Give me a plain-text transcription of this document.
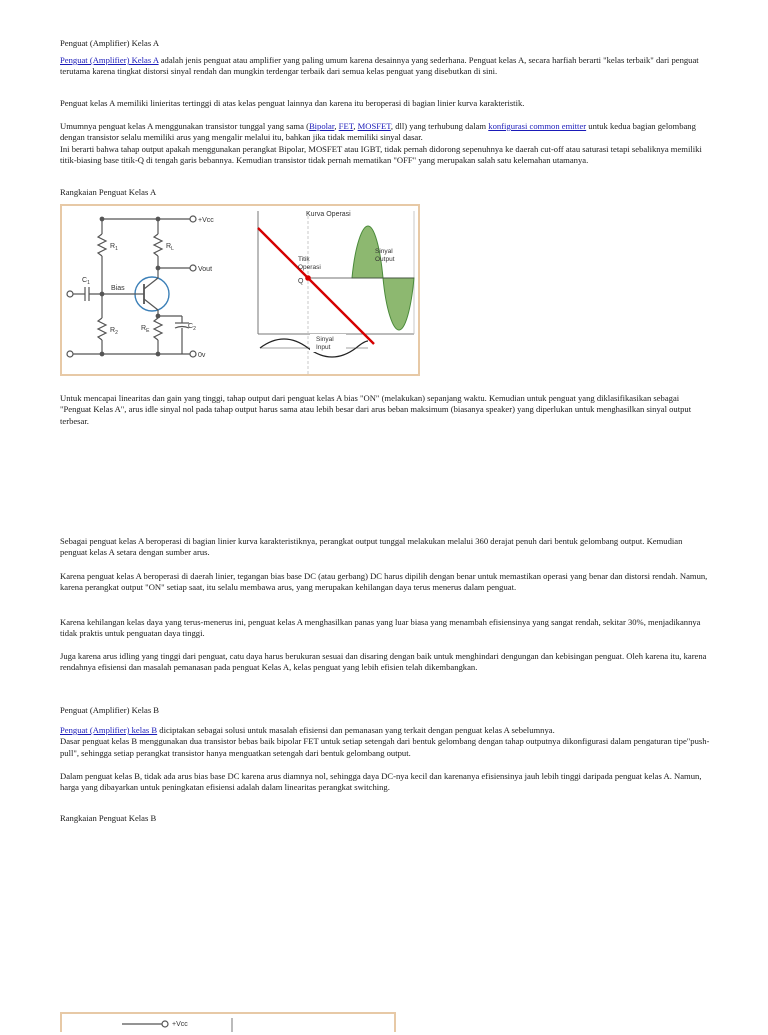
Penguat (Amplifier) Kelas A

Penguat (Amplifier) Kelas A adalah jenis penguat atau amplifier yang paling umum karena desainnya yang sederhana. Penguat kelas A, secara harfiah berarti "kelas terbaik" dari penguat terutama karena tingkat distorsi sinyal rendah dan mungkin terdengar terbaik dari semua kelas penguat yang disebutkan di sini.

Penguat kelas A memiliki linieritas tertinggi di atas kelas penguat lainnya dan karena itu beroperasi di bagian linier kurva karakteristik.

Umumnya penguat kelas A menggunakan transistor tunggal yang sama (Bipolar, FET, MOSFET, dll) yang terhubung dalam konfigurasi common emitter untuk kedua bagian gelombang dengan transistor selalu memiliki arus yang mengalir melalui itu, bahkan jika tidak memiliki sinyal dasar.

Ini berarti bahwa tahap output apakah menggunakan perangkat Bipolar, MOSFET atau IGBT, tidak pernah didorong sepenuhnya ke daerah cut-off atau saturasi tetapi sebaliknya memiliki titik-biasing base titik-Q di tengah garis bebannya. Kemudian transistor tidak pernah mematikan "OFF" yang merupakan salah satu kelemahan utamanya.

Rangkaian Penguat Kelas A

+Vcc
Vout
0v
$R_1$
$R_2$
$R_L$
$R_E$
$C_1$
$C_2$
Bias
Kurva Operasi
Titik
Operasi
Q
Sinyal
Output
Sinyal
Input

Untuk mencapai linearitas dan gain yang tinggi, tahap output dari penguat kelas A bias "ON" (melakukan) sepanjang waktu. Kemudian untuk penguat yang diklasifikasikan sebagai "Penguat Kelas A", arus idle sinyal nol pada tahap output harus sama atau lebih besar dari arus beban maksimum (biasanya speaker) yang diperlukan untuk menghasilkan sinyal output terbesar.

Sebagai penguat kelas A beroperasi di bagian linier kurva karakteristiknya, perangkat output tunggal melakukan melalui 360 derajat penuh dari bentuk gelombang output. Kemudian penguat kelas A setara dengan sumber arus.

Karena penguat kelas A beroperasi di daerah linier, tegangan bias base DC (atau gerbang) DC harus dipilih dengan benar untuk memastikan operasi yang benar dan distorsi rendah. Namun, karena perangkat output "ON" setiap saat, itu selalu membawa arus, yang merupakan kehilangan daya terus menerus dalam penguat.

Karena kehilangan kelas daya yang terus-menerus ini, penguat kelas A menghasilkan panas yang luar biasa yang menambah efisiensinya yang sangat rendah, sekitar 30%, menjadikannya tidak praktis untuk penguatan daya tinggi.

Juga karena arus idling yang tinggi dari penguat, catu daya harus berukuran sesuai dan disaring dengan baik untuk menghindari dengungan dan kebisingan penguat. Oleh karena itu, karena rendahnya efisiensi dan masalah pemanasan pada penguat Kelas A, kelas penguat yang lebih efisien telah dikembangkan.

Penguat (Amplifier) Kelas B

Penguat (Amplifier) kelas B diciptakan sebagai solusi untuk masalah efisiensi dan pemanasan yang terkait dengan penguat kelas A sebelumnya.

Dasar penguat kelas B menggunakan dua transistor bebas baik bipolar FET untuk setiap setengah dari bentuk gelombang dengan tahap outputnya dikonfigurasi dalam pengaturan tipe"push-pull", sehingga setiap perangkat transistor hanya menguatkan setengah dari bentuk gelombang output.

Dalam penguat kelas B, tidak ada arus bias base DC karena arus diamnya nol, sehingga daya DC-nya kecil dan karenanya efisiensinya jauh lebih tinggi daripada penguat kelas A. Namun, harga yang dibayarkan untuk peningkatan efisiensi adalah dalam linearitas perangkat switching.

Rangkaian Penguat Kelas B

+Vcc
